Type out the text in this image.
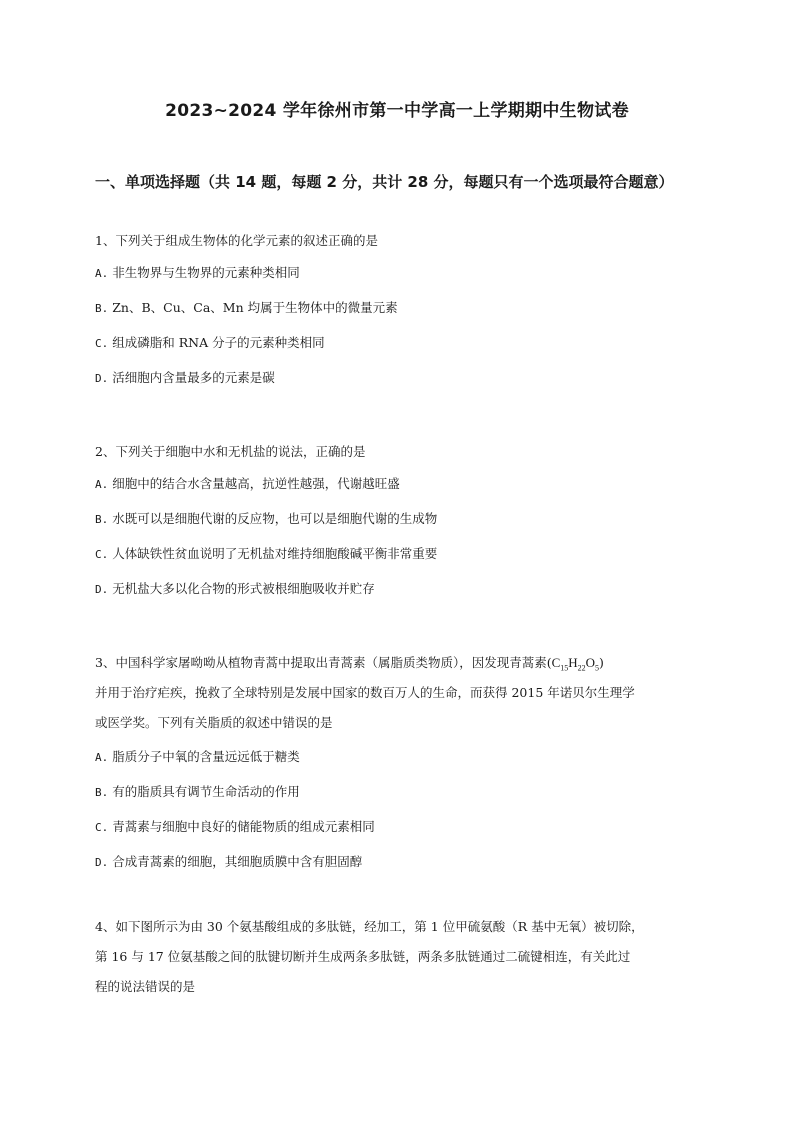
2023~2024 学年徐州市第一中学高一上学期期中生物试卷
一、单项选择题（共 14 题，每题 2 分，共计 28 分，每题只有一个选项最符合题意）

1、下列关于组成生物体的化学元素的叙述正确的是

A. 非生物界与生物界的元素种类相同

B. Zn、B、Cu、Ca、Mn 均属于生物体中的微量元素

C. 组成磷脂和 RNA 分子的元素种类相同

D. 活细胞内含量最多的元素是碳

2、下列关于细胞中水和无机盐的说法，正确的是

A. 细胞中的结合水含量越高，抗逆性越强，代谢越旺盛

B. 水既可以是细胞代谢的反应物，也可以是细胞代谢的生成物

C. 人体缺铁性贫血说明了无机盐对维持细胞酸碱平衡非常重要

D. 无机盐大多以化合物的形式被根细胞吸收并贮存

3、中国科学家屠呦呦从植物青蒿中提取出青蒿素（属脂质类物质），因发现青蒿素$(C_{15}H_{22}O_5)$

并用于治疗疟疾，挽救了全球特别是发展中国家的数百万人的生命，而获得 2015 年诺贝尔生理学

或医学奖。下列有关脂质的叙述中错误的是

A. 脂质分子中氧的含量远远低于糖类

B. 有的脂质具有调节生命活动的作用

C. 青蒿素与细胞中良好的储能物质的组成元素相同

D. 合成青蒿素的细胞，其细胞质膜中含有胆固醇

4、如下图所示为由 30 个氨基酸组成的多肽链，经加工，第 1 位甲硫氨酸（R 基中无氧）被切除，

第 16 与 17 位氨基酸之间的肽键切断并生成两条多肽链，两条多肽链通过二硫键相连，有关此过

程的说法错误的是
